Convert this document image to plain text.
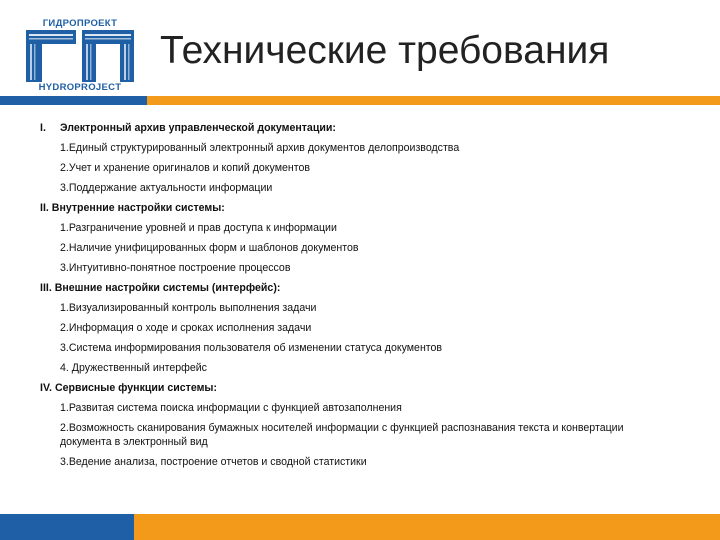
ГИДРОПРОЕКТ
HYDROPROJECT
Технические требования
I. Электронный архив управленческой документации:
1.Единый структурированный электронный архив документов делопроизводства
2.Учет и хранение оригиналов и копий документов
3.Поддержание актуальности информации
II. Внутренние настройки системы:
1.Разграничение уровней и прав доступа к информации
2.Наличие унифицированных форм и шаблонов документов
3.Интуитивно-понятное построение процессов
III. Внешние настройки системы (интерфейс):
1.Визуализированный контроль выполнения задачи
2.Информация о ходе и сроках исполнения задачи
3.Система информирования пользователя об изменении статуса документов
4. Дружественный интерфейс
IV. Сервисные функции системы:
1.Развитая система поиска информации с функцией автозаполнения
2.Возможность сканирования бумажных носителей информации с функцией распознавания текста и конвертации документа в электронный вид
3.Ведение анализа, построение отчетов и сводной статистики
